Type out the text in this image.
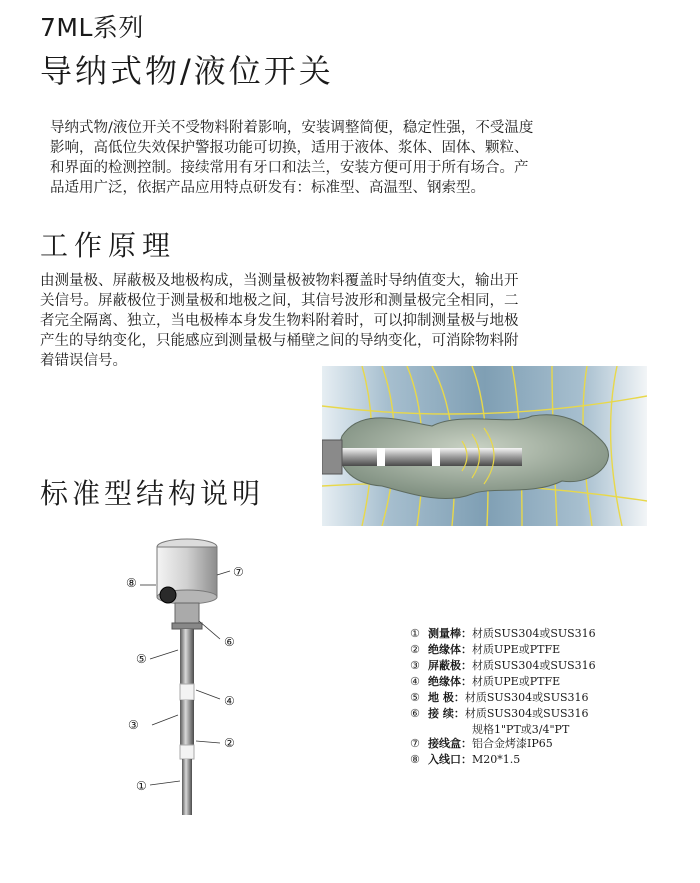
7ML系列
导纳式物/液位开关
导纳式物/液位开关不受物料附着影响，安装调整简便，稳定性强，不受温度
影响，高低位失效保护警报功能可切换，适用于液体、浆体、固体、颗粒、
和界面的检测控制。接续常用有牙口和法兰，安装方便可用于所有场合。产
品适用广泛，依据产品应用特点研发有：标准型、高温型、钢索型。
工作原理
由测量极、屏蔽极及地极构成，当测量极被物料覆盖时导纳值变大，输出开
关信号。屏蔽极位于测量极和地极之间，其信号波形和测量极完全相同，二
者完全隔离、独立，当电极棒本身发生物料附着时，可以抑制测量极与地极
产生的导纳变化，只能感应到测量极与桶壁之间的导纳变化，可消除物料附
着错误信号。
标准型结构说明
⑧
⑦
⑥
⑤
④
③
②
①
① 测量棒：材质SUS304或SUS316
② 绝缘体：材质UPE或PTFE
③ 屏蔽极：材质SUS304或SUS316
④ 绝缘体：材质UPE或PTFE
⑤ 地 极：材质SUS304或SUS316
⑥ 接 续：材质SUS304或SUS316
规格1"PT或3/4"PT
⑦ 接线盒：铝合金烤漆IP65
⑧ 入线口：M20*1.5
